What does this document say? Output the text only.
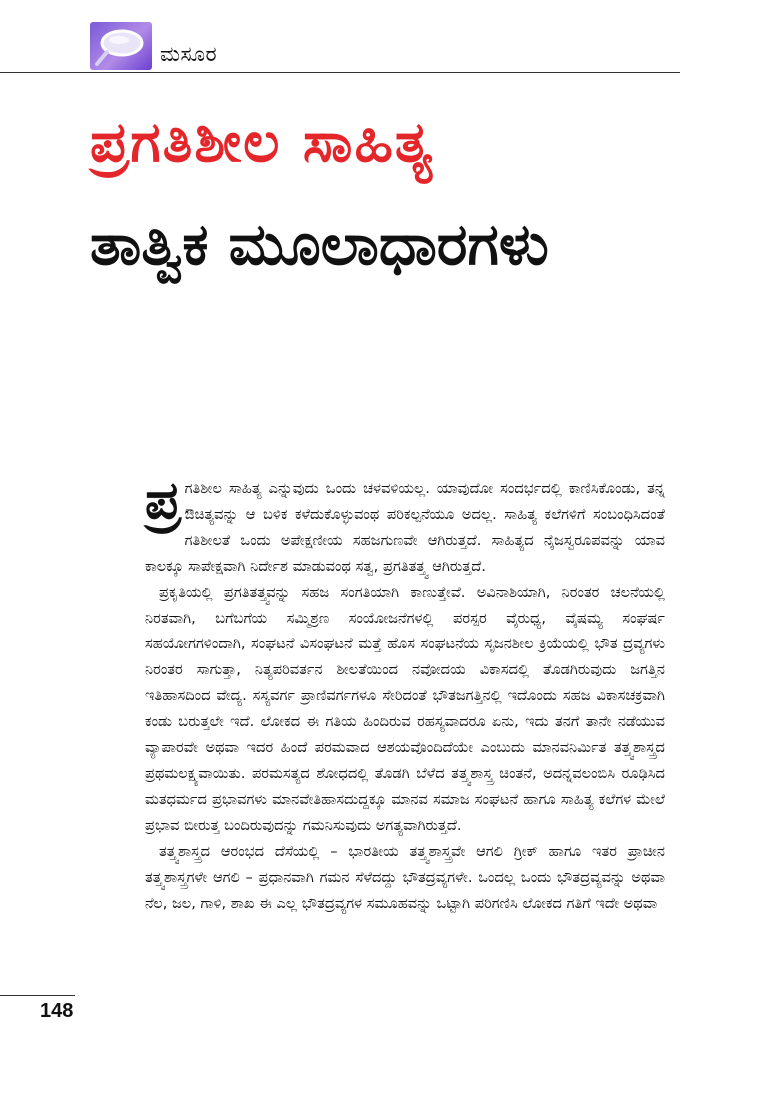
ಮಸೂರ
ಪ್ರಗತಿಶೀಲ ಸಾಹಿತ್ಯ
ತಾತ್ವಿಕ ಮೂಲಾಧಾರಗಳು

ಪ್ರ ಗತಿಶೀಲ ಸಾಹಿತ್ಯ ಎನ್ನುವುದು ಒಂದು ಚಳವಳಿಯಲ್ಲ. ಯಾವುದೋ ಸಂದರ್ಭದಲ್ಲಿ ಕಾಣಿಸಿಕೊಂಡು, ತನ್ನ ಔಚಿತ್ಯವನ್ನು ಆ ಬಳಿಕ ಕಳೆದುಕೊಳ್ಳುವಂಥ ಪರಿಕಲ್ಪನೆಯೂ ಅದಲ್ಲ. ಸಾಹಿತ್ಯ ಕಲೆಗಳಿಗೆ ಸಂಬಂಧಿಸಿದಂತೆ ಗತಿಶೀಲತೆ ಒಂದು ಅಪೇಕ್ಷಣೀಯ ಸಹಜಗುಣವೇ ಆಗಿರುತ್ತದೆ. ಸಾಹಿತ್ಯದ ನೈಜಸ್ವರೂಪವನ್ನು ಯಾವ ಕಾಲಕ್ಕೂ ಸಾಪೇಕ್ಷವಾಗಿ ನಿರ್ದೇಶ ಮಾಡುವಂಥ ಸತ್ವ, ಪ್ರಗತಿತತ್ತ್ವ ಆಗಿರುತ್ತದೆ.

ಪ್ರಕೃತಿಯಲ್ಲಿ ಪ್ರಗತಿತತ್ತ್ವವನ್ನು ಸಹಜ ಸಂಗತಿಯಾಗಿ ಕಾಣುತ್ತೇವೆ. ಅವಿನಾಶಿಯಾಗಿ, ನಿರಂತರ ಚಲನೆಯಲ್ಲಿ ನಿರತವಾಗಿ, ಬಗೆಬಗೆಯ ಸಮ್ಮಿಶ್ರಣ ಸಂಯೋಜನೆಗಳಲ್ಲಿ ಪರಸ್ಪರ ವೈರುಧ್ಯ, ವೈಷಮ್ಯ ಸಂಘರ್ಷ ಸಹಯೋಗಗಳಿಂದಾಗಿ, ಸಂಘಟನೆ ವಿಸಂಘಟನೆ ಮತ್ತೆ ಹೊಸ ಸಂಘಟನೆಯ ಸೃಜನಶೀಲ ಕ್ರಿಯೆಯಲ್ಲಿ ಭೌತ ದ್ರವ್ಯಗಳು ನಿರಂತರ ಸಾಗುತ್ತಾ, ನಿತ್ಯಪರಿವರ್ತನ ಶೀಲತೆಯಿಂದ ನವೋದಯ ವಿಕಾಸದಲ್ಲಿ ತೊಡಗಿರುವುದು ಜಗತ್ತಿನ ಇತಿಹಾಸದಿಂದ ವೇದ್ಯ. ಸಸ್ಯವರ್ಗ ಪ್ರಾಣಿವರ್ಗಗಳೂ ಸೇರಿದಂತೆ ಭೌತಜಗತ್ತಿನಲ್ಲಿ ಇದೊಂದು ಸಹಜ ವಿಕಾಸಚಕ್ರವಾಗಿ ಕಂಡು ಬರುತ್ತಲೇ ಇದೆ. ಲೋಕದ ಈ ಗತಿಯ ಹಿಂದಿರುವ ರಹಸ್ಯವಾದರೂ ಏನು, ಇದು ತನಗೆ ತಾನೇ ನಡೆಯುವ ವ್ಯಾಪಾರವೇ ಅಥವಾ ಇದರ ಹಿಂದೆ ಪರಮವಾದ ಆಶಯವೊಂದಿದೆಯೇ ಎಂಬುದು ಮಾನವನಿರ್ಮಿತ ತತ್ತ್ವಶಾಸ್ತ್ರದ ಪ್ರಥಮಲಕ್ಷ್ಯವಾಯಿತು. ಪರಮಸತ್ಯದ ಶೋಧದಲ್ಲಿ ತೊಡಗಿ ಬೆಳೆದ ತತ್ತ್ವಶಾಸ್ತ್ರ ಚಿಂತನೆ, ಅದನ್ನವಲಂಬಿಸಿ ರೂಢಿಸಿದ ಮತಧರ್ಮದ ಪ್ರಭಾವಗಳು ಮಾನವೇತಿಹಾಸದುದ್ದಕ್ಕೂ ಮಾನವ ಸಮಾಜ ಸಂಘಟನೆ ಹಾಗೂ ಸಾಹಿತ್ಯ ಕಲೆಗಳ ಮೇಲೆ ಪ್ರಭಾವ ಬೀರುತ್ತ ಬಂದಿರುವುದನ್ನು ಗಮನಿಸುವುದು ಅಗತ್ಯವಾಗಿರುತ್ತದೆ.

ತತ್ತ್ವಶಾಸ್ತ್ರದ ಆರಂಭದ ದೆಸೆಯಲ್ಲಿ – ಭಾರತೀಯ ತತ್ತ್ವಶಾಸ್ತ್ರವೇ ಆಗಲಿ ಗ್ರೀಕ್ ಹಾಗೂ ಇತರ ಪ್ರಾಚೀನ ತತ್ತ್ವಶಾಸ್ತ್ರಗಳೇ ಆಗಲಿ – ಪ್ರಧಾನವಾಗಿ ಗಮನ ಸೆಳೆದದ್ದು ಭೌತದ್ರವ್ಯಗಳೇ. ಒಂದಲ್ಲ ಒಂದು ಭೌತದ್ರವ್ಯವನ್ನು ಅಥವಾ ನೆಲ, ಜಲ, ಗಾಳಿ, ಶಾಖ ಈ ಎಲ್ಲ ಭೌತದ್ರವ್ಯಗಳ ಸಮೂಹವನ್ನು ಒಟ್ಟಾಗಿ ಪರಿಗಣಿಸಿ ಲೋಕದ ಗತಿಗೆ ಇದೇ ಅಥವಾ

148
